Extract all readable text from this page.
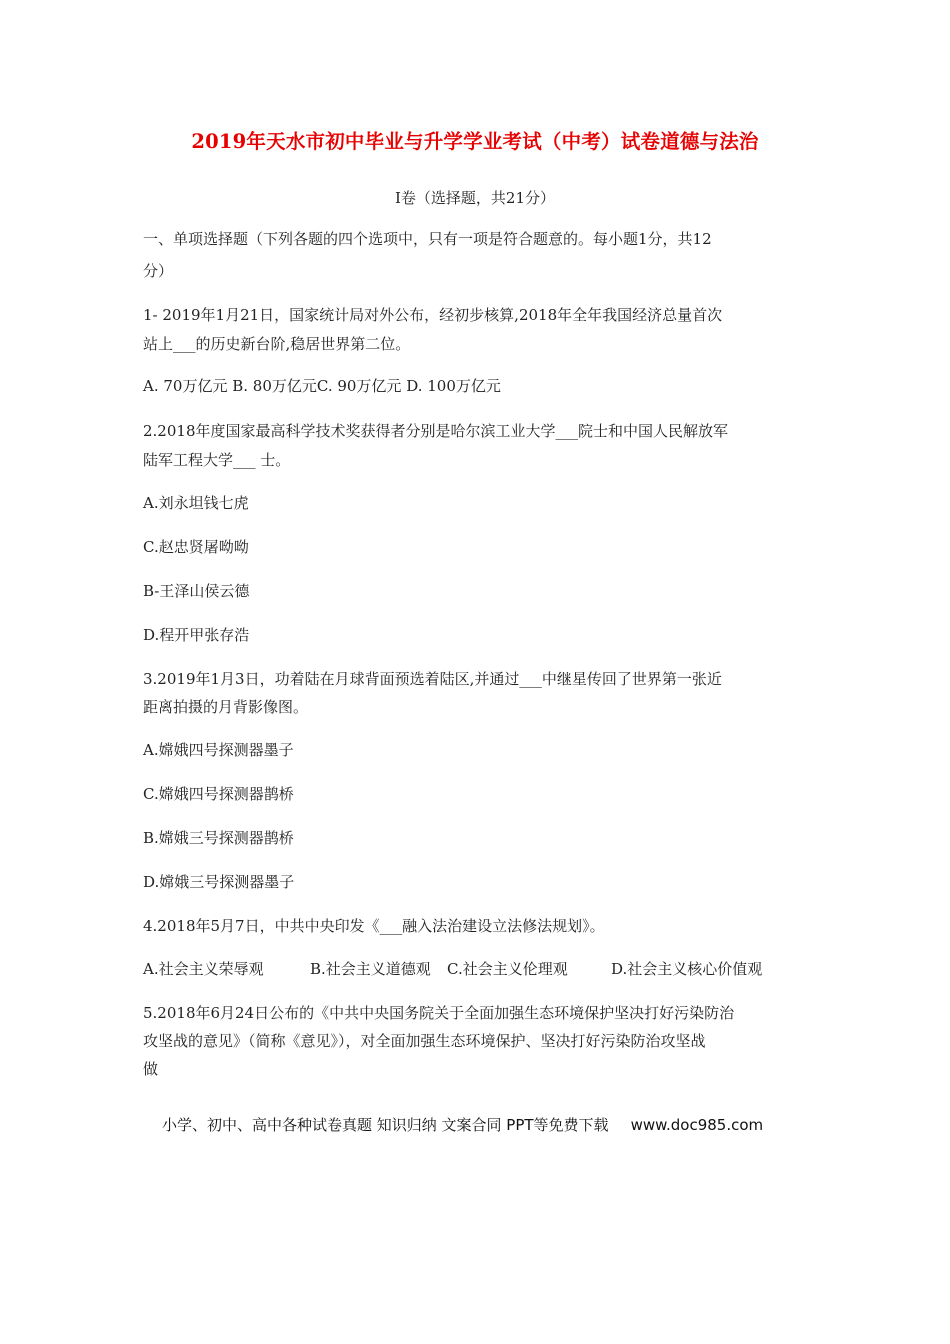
2019年天水市初中毕业与升学学业考试（中考）试卷道德与法治
I卷（选择题，共21分）
一、单项选择题（下列各题的四个选项中，只有一项是符合题意的。每小题1分，共12
分）
1- 2019年1月21日，国家统计局对外公布，经初步核算,2018年全年我国经济总量首次
站上___的历史新台阶,稳居世界第二位。
A. 70万亿元 B. 80万亿元C. 90万亿元 D. 100万亿元
2.2018年度国家最高科学技术奖获得者分别是哈尔滨工业大学___院士和中国人民解放军
陆军工程大学___ 士。
A.刘永坦钱七虎
C.赵忠贤屠呦呦
B-王泽山侯云德
D.程开甲张存浩
3.2019年1月3日，功着陆在月球背面预选着陆区,并通过___中继星传回了世界第一张近
距离拍摄的月背影像图。
A.嫦娥四号探测器墨子
C.嫦娥四号探测器鹊桥
B.嫦娥三号探测器鹊桥
D.嫦娥三号探测器墨子
4.2018年5月7日，中共中央印发《___融入法治建设立法修法规划》。
A.社会主义荣辱观	B.社会主义道德观 C.社会主义伦理观	D.社会主义核心价值观
5.2018年6月24日公布的《中共中央国务院关于全面加强生态环境保护坚决打好污染防治
攻坚战的意见》（简称《意见》），对全面加强生态环境保护、坚决打好污染防治攻坚战
做
小学、初中、高中各种试卷真题 知识归纳 文案合同 PPT等免费下载 www.doc985.com
